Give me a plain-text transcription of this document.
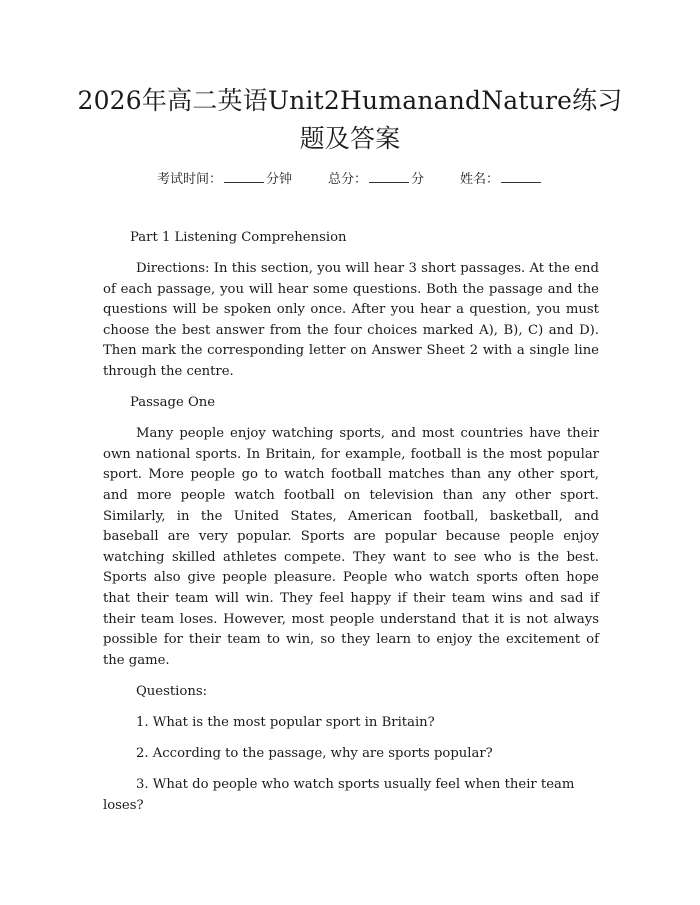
2026年高二英语Unit2HumanandNature练习题及答案
考试时间：	分钟	总分：	分	姓名：

Part 1 Listening Comprehension

Directions: In this section, you will hear 3 short passages. At the end of each passage, you will hear some questions. Both the passage and the questions will be spoken only once. After you hear a question, you must choose the best answer from the four choices marked A), B), C) and D). Then mark the corresponding letter on Answer Sheet 2 with a single line through the centre.

Passage One

Many people enjoy watching sports, and most countries have their own national sports. In Britain, for example, football is the most popular sport. More people go to watch football matches than any other sport, and more people watch football on television than any other sport. Similarly, in the United States, American football, basketball, and baseball are very popular. Sports are popular because people enjoy watching skilled athletes compete. They want to see who is the best. Sports also give people pleasure. People who watch sports often hope that their team will win. They feel happy if their team wins and sad if their team loses. However, most people understand that it is not always possible for their team to win, so they learn to enjoy the excitement of the game.

Questions:

1. What is the most popular sport in Britain?

2. According to the passage, why are sports popular?

3. What do people who watch sports usually feel when their team loses?
